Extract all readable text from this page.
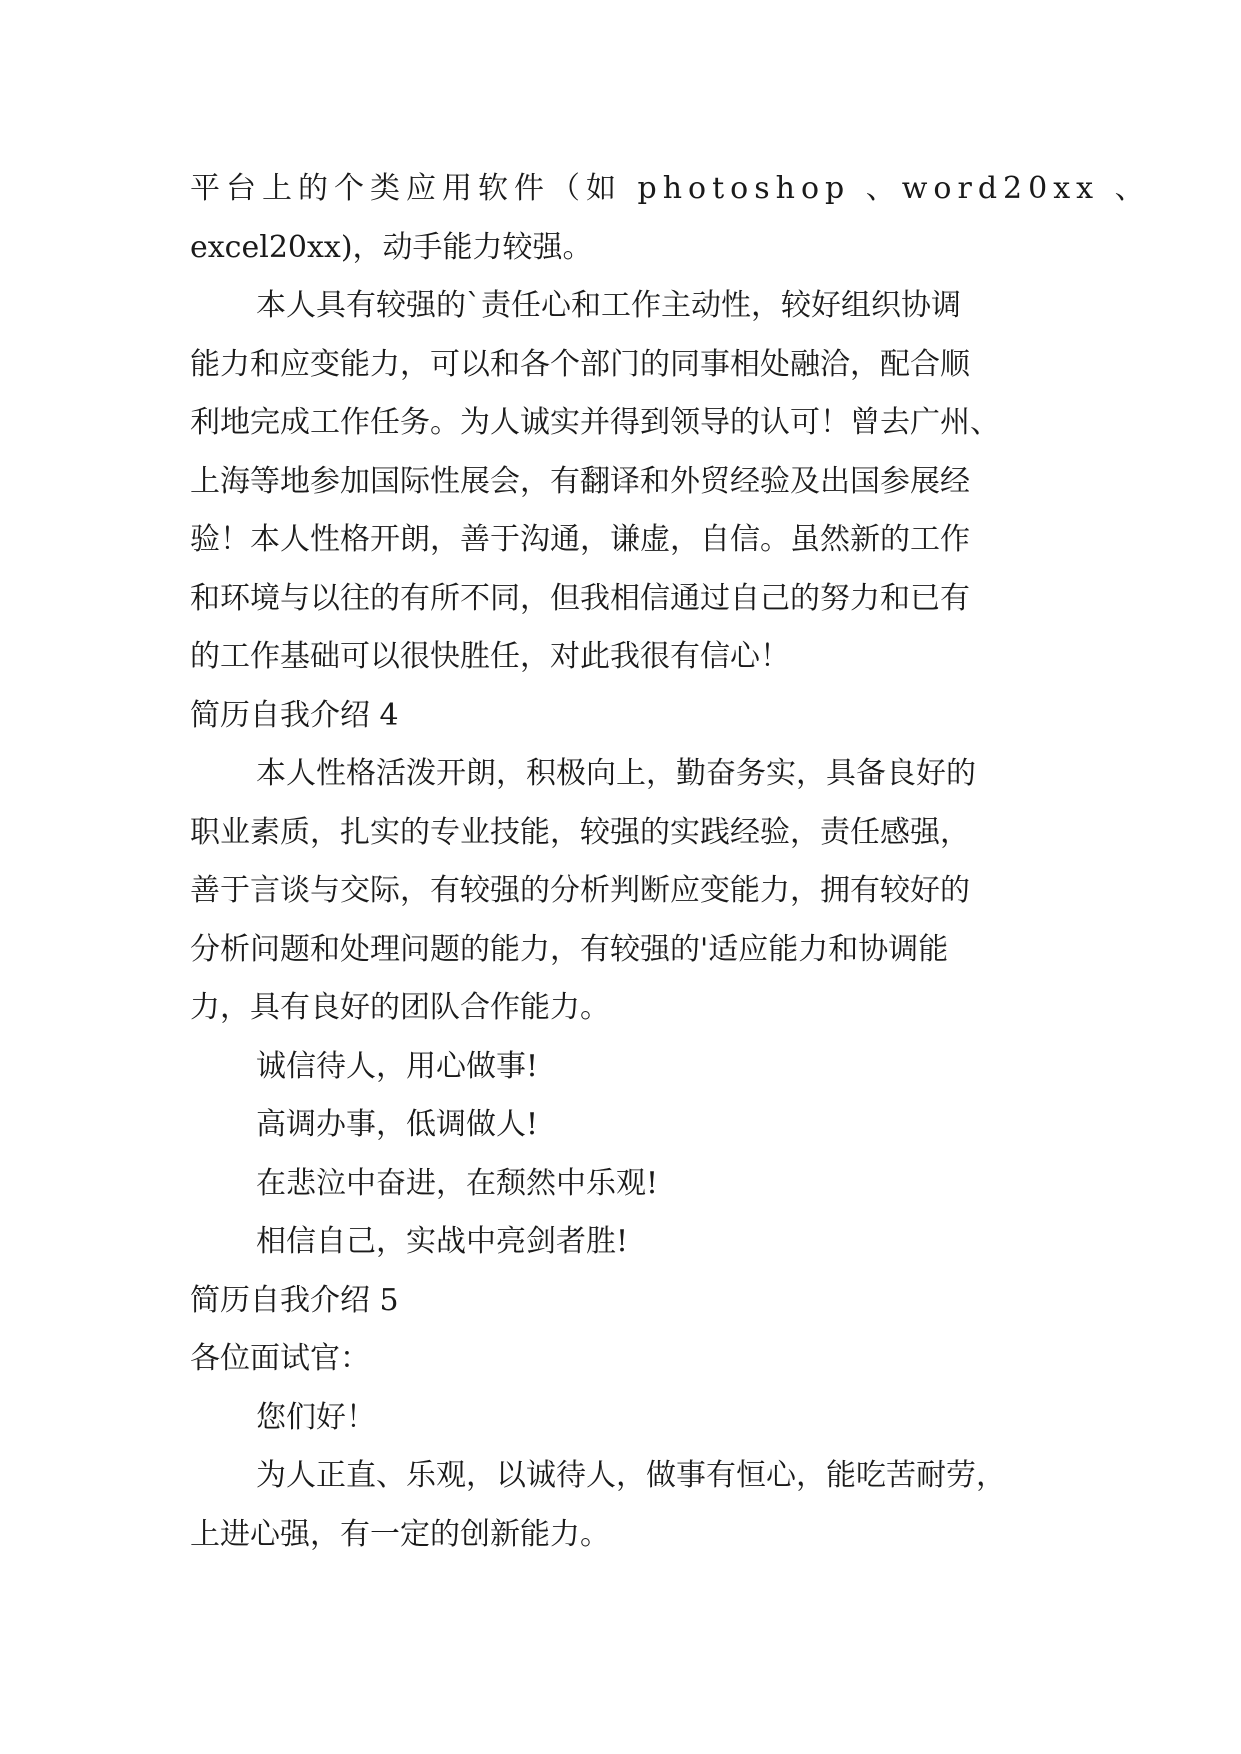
平台上的个类应用软件（如 photoshop 、word20xx 、
excel20xx)，动手能力较强。
本人具有较强的`责任心和工作主动性，较好组织协调
能力和应变能力，可以和各个部门的同事相处融洽，配合顺
利地完成工作任务。为人诚实并得到领导的认可！曾去广州、
上海等地参加国际性展会，有翻译和外贸经验及出国参展经
验！本人性格开朗，善于沟通，谦虚，自信。虽然新的工作
和环境与以往的有所不同，但我相信通过自己的努力和已有
的工作基础可以很快胜任，对此我很有信心！
简历自我介绍 4
本人性格活泼开朗，积极向上，勤奋务实，具备良好的
职业素质，扎实的专业技能，较强的实践经验，责任感强，
善于言谈与交际，有较强的分析判断应变能力，拥有较好的
分析问题和处理问题的能力，有较强的'适应能力和协调能
力，具有良好的团队合作能力。
诚信待人，用心做事!
高调办事，低调做人!
在悲泣中奋进，在颓然中乐观!
相信自己，实战中亮剑者胜!
简历自我介绍 5
各位面试官：
您们好！
为人正直、乐观，以诚待人，做事有恒心，能吃苦耐劳，
上进心强，有一定的创新能力。
